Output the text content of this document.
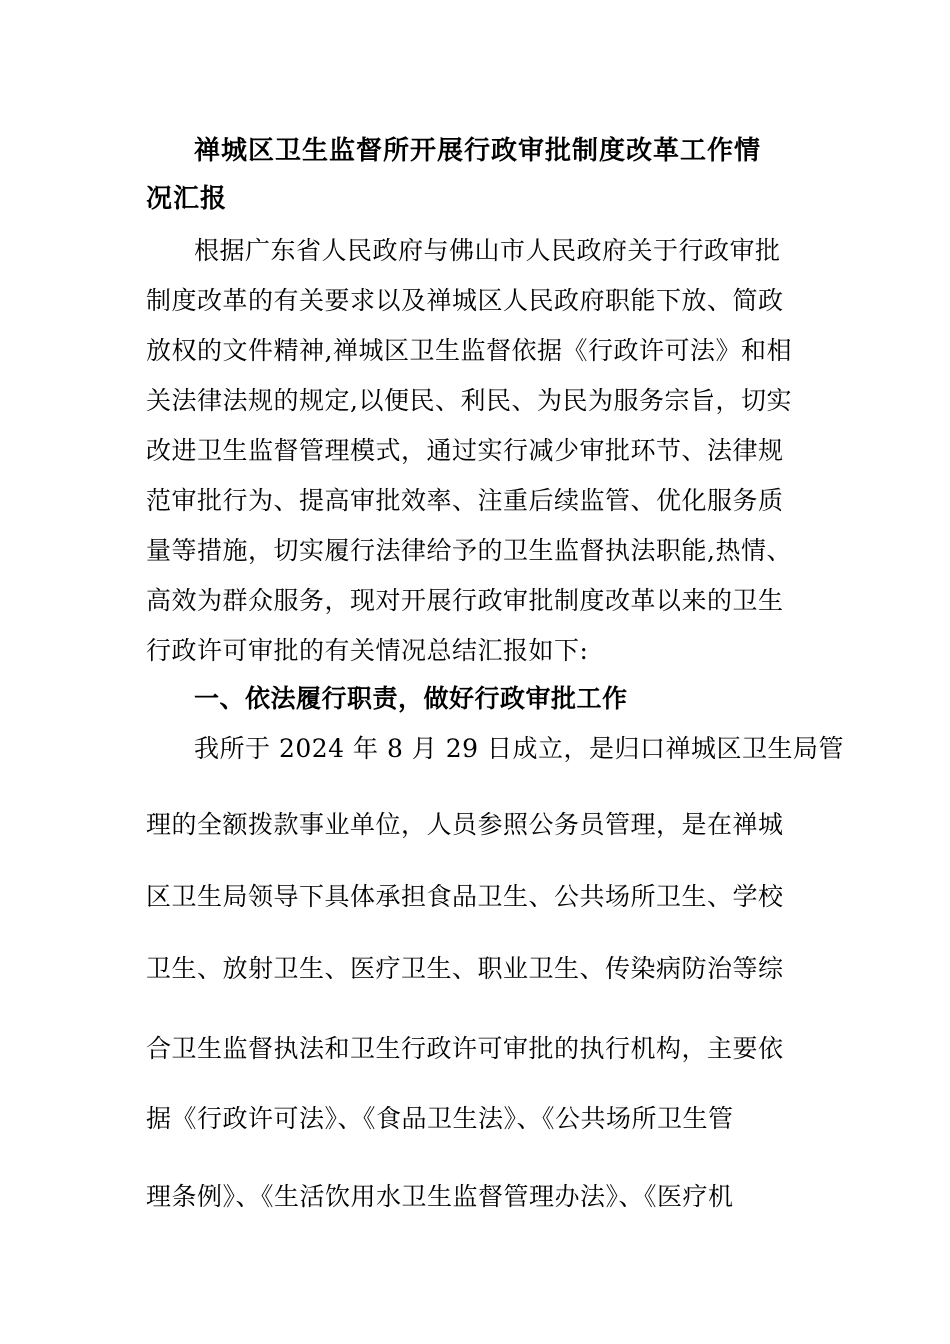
禅城区卫生监督所开展行政审批制度改革工作情
况汇报
根据广东省人民政府与佛山市人民政府关于行政审批
制度改革的有关要求以及禅城区人民政府职能下放、简政
放权的文件精神,禅城区卫生监督依据《行政许可法》和相
关法律法规的规定,以便民、利民、为民为服务宗旨，切实
改进卫生监督管理模式，通过实行减少审批环节、法律规
范审批行为、提高审批效率、注重后续监管、优化服务质
量等措施，切实履行法律给予的卫生监督执法职能,热情、
高效为群众服务，现对开展行政审批制度改革以来的卫生
行政许可审批的有关情况总结汇报如下:
一、依法履行职责，做好行政审批工作
我所于 2024 年 8 月 29 日成立，是归口禅城区卫生局管
理的全额拨款事业单位，人员参照公务员管理，是在禅城
区卫生局领导下具体承担食品卫生、公共场所卫生、学校
卫生、放射卫生、医疗卫生、职业卫生、传染病防治等综
合卫生监督执法和卫生行政许可审批的执行机构，主要依
据《行政许可法》、《食品卫生法》、《公共场所卫生管
理条例》、《生活饮用水卫生监督管理办法》、《医疗机
